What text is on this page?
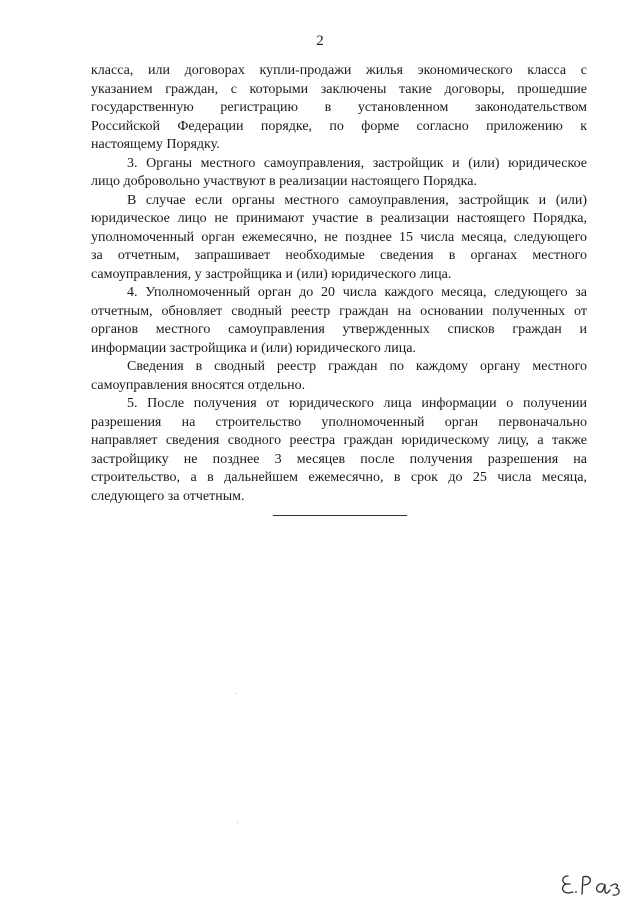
2
класса, или договорах купли-продажи жилья экономического класса с
указанием граждан, с которыми заключены такие договоры, прошедшие
государственную регистрацию в установленном законодательством
Российской Федерации порядке, по форме согласно приложению к
настоящему Порядку.
3. Органы местного самоуправления, застройщик и (или) юридическое
лицо добровольно участвуют в реализации настоящего Порядка.
В случае если органы местного самоуправления, застройщик и (или)
юридическое лицо не принимают участие в реализации настоящего Порядка,
уполномоченный орган ежемесячно, не позднее 15 числа месяца, следующего
за отчетным, запрашивает необходимые сведения в органах местного
самоуправления, у застройщика и (или) юридического лица.
4. Уполномоченный орган до 20 числа каждого месяца, следующего за
отчетным, обновляет сводный реестр граждан на основании полученных от
органов местного самоуправления утвержденных списков граждан и
информации застройщика и (или) юридического лица.
Сведения в сводный реестр граждан по каждому органу местного
самоуправления вносятся отдельно.
5. После получения от юридического лица информации о получении
разрешения на строительство уполномоченный орган первоначально
направляет сведения сводного реестра граждан юридическому лицу, а также
застройщику не позднее 3 месяцев после получения разрешения на
строительство, а в дальнейшем ежемесячно, в срок до 25 числа месяца,
следующего за отчетным.
